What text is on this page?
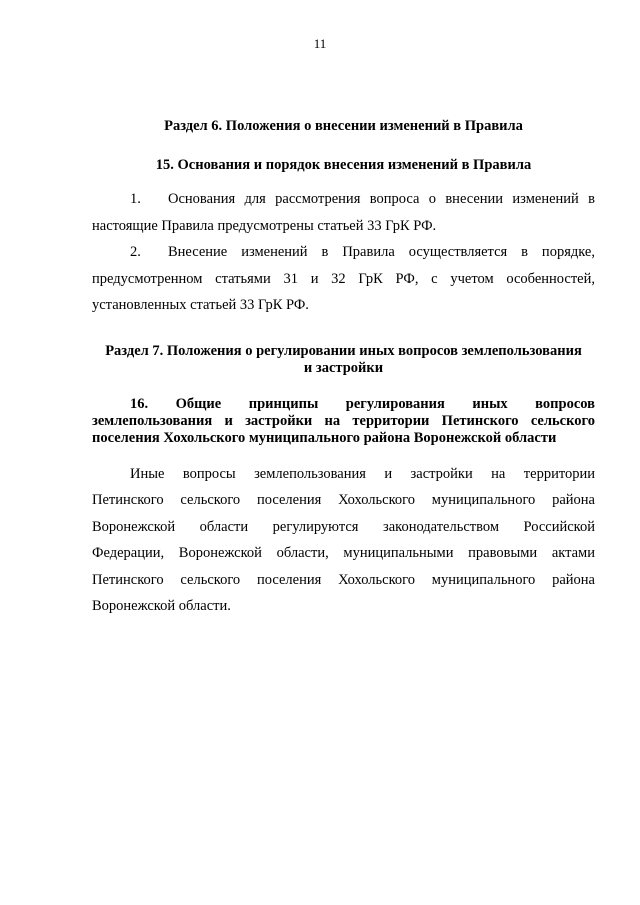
11
Раздел 6. Положения о внесении изменений в Правила
15. Основания и порядок внесения изменений в Правила
1. Основания для рассмотрения вопроса о внесении изменений в
настоящие Правила предусмотрены статьей 33 ГрК РФ.
2. Внесение изменений в Правила осуществляется в порядке,
предусмотренном статьями 31 и 32 ГрК РФ, с учетом особенностей,
установленных статьей 33 ГрК РФ.
Раздел 7. Положения о регулировании иных вопросов землепользования
и застройки
16. Общие принципы регулирования иных вопросов
землепользования и застройки на территории Петинского сельского
поселения Хохольского муниципального района Воронежской области
Иные вопросы землепользования и застройки на территории
Петинского сельского поселения Хохольского муниципального района
Воронежской области регулируются законодательством Российской
Федерации, Воронежской области, муниципальными правовыми актами
Петинского сельского поселения Хохольского муниципального района
Воронежской области.
